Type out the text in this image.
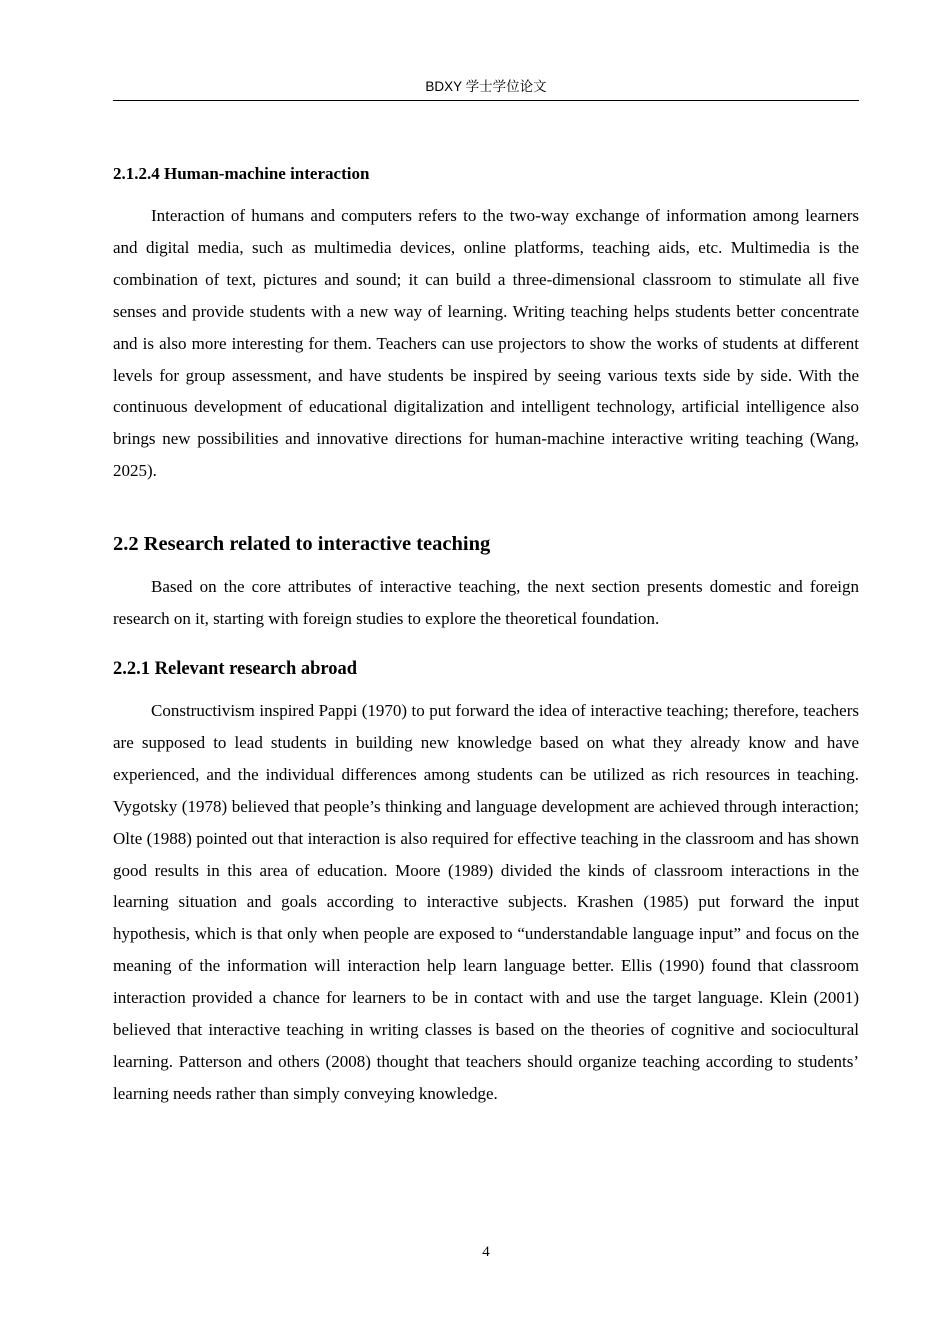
BDXY 学士学位论文
2.1.2.4 Human-machine interaction

Interaction of humans and computers refers to the two-way exchange of information among learners and digital media, such as multimedia devices, online platforms, teaching aids, etc. Multimedia is the combination of text, pictures and sound; it can build a three-dimensional classroom to stimulate all five senses and provide students with a new way of learning. Writing teaching helps students better concentrate and is also more interesting for them. Teachers can use projectors to show the works of students at different levels for group assessment, and have students be inspired by seeing various texts side by side. With the continuous development of educational digitalization and intelligent technology, artificial intelligence also brings new possibilities and innovative directions for human-machine interactive writing teaching (Wang, 2025).

2.2 Research related to interactive teaching

Based on the core attributes of interactive teaching, the next section presents domestic and foreign research on it, starting with foreign studies to explore the theoretical foundation.

2.2.1 Relevant research abroad

Constructivism inspired Pappi (1970) to put forward the idea of interactive teaching; therefore, teachers are supposed to lead students in building new knowledge based on what they already know and have experienced, and the individual differences among students can be utilized as rich resources in teaching. Vygotsky (1978) believed that people’s thinking and language development are achieved through interaction; Olte (1988) pointed out that interaction is also required for effective teaching in the classroom and has shown good results in this area of education. Moore (1989) divided the kinds of classroom interactions in the learning situation and goals according to interactive subjects. Krashen (1985) put forward the input hypothesis, which is that only when people are exposed to “understandable language input” and focus on the meaning of the information will interaction help learn language better. Ellis (1990) found that classroom interaction provided a chance for learners to be in contact with and use the target language. Klein (2001) believed that interactive teaching in writing classes is based on the theories of cognitive and sociocultural learning. Patterson and others (2008) thought that teachers should organize teaching according to students’ learning needs rather than simply conveying knowledge.

4
